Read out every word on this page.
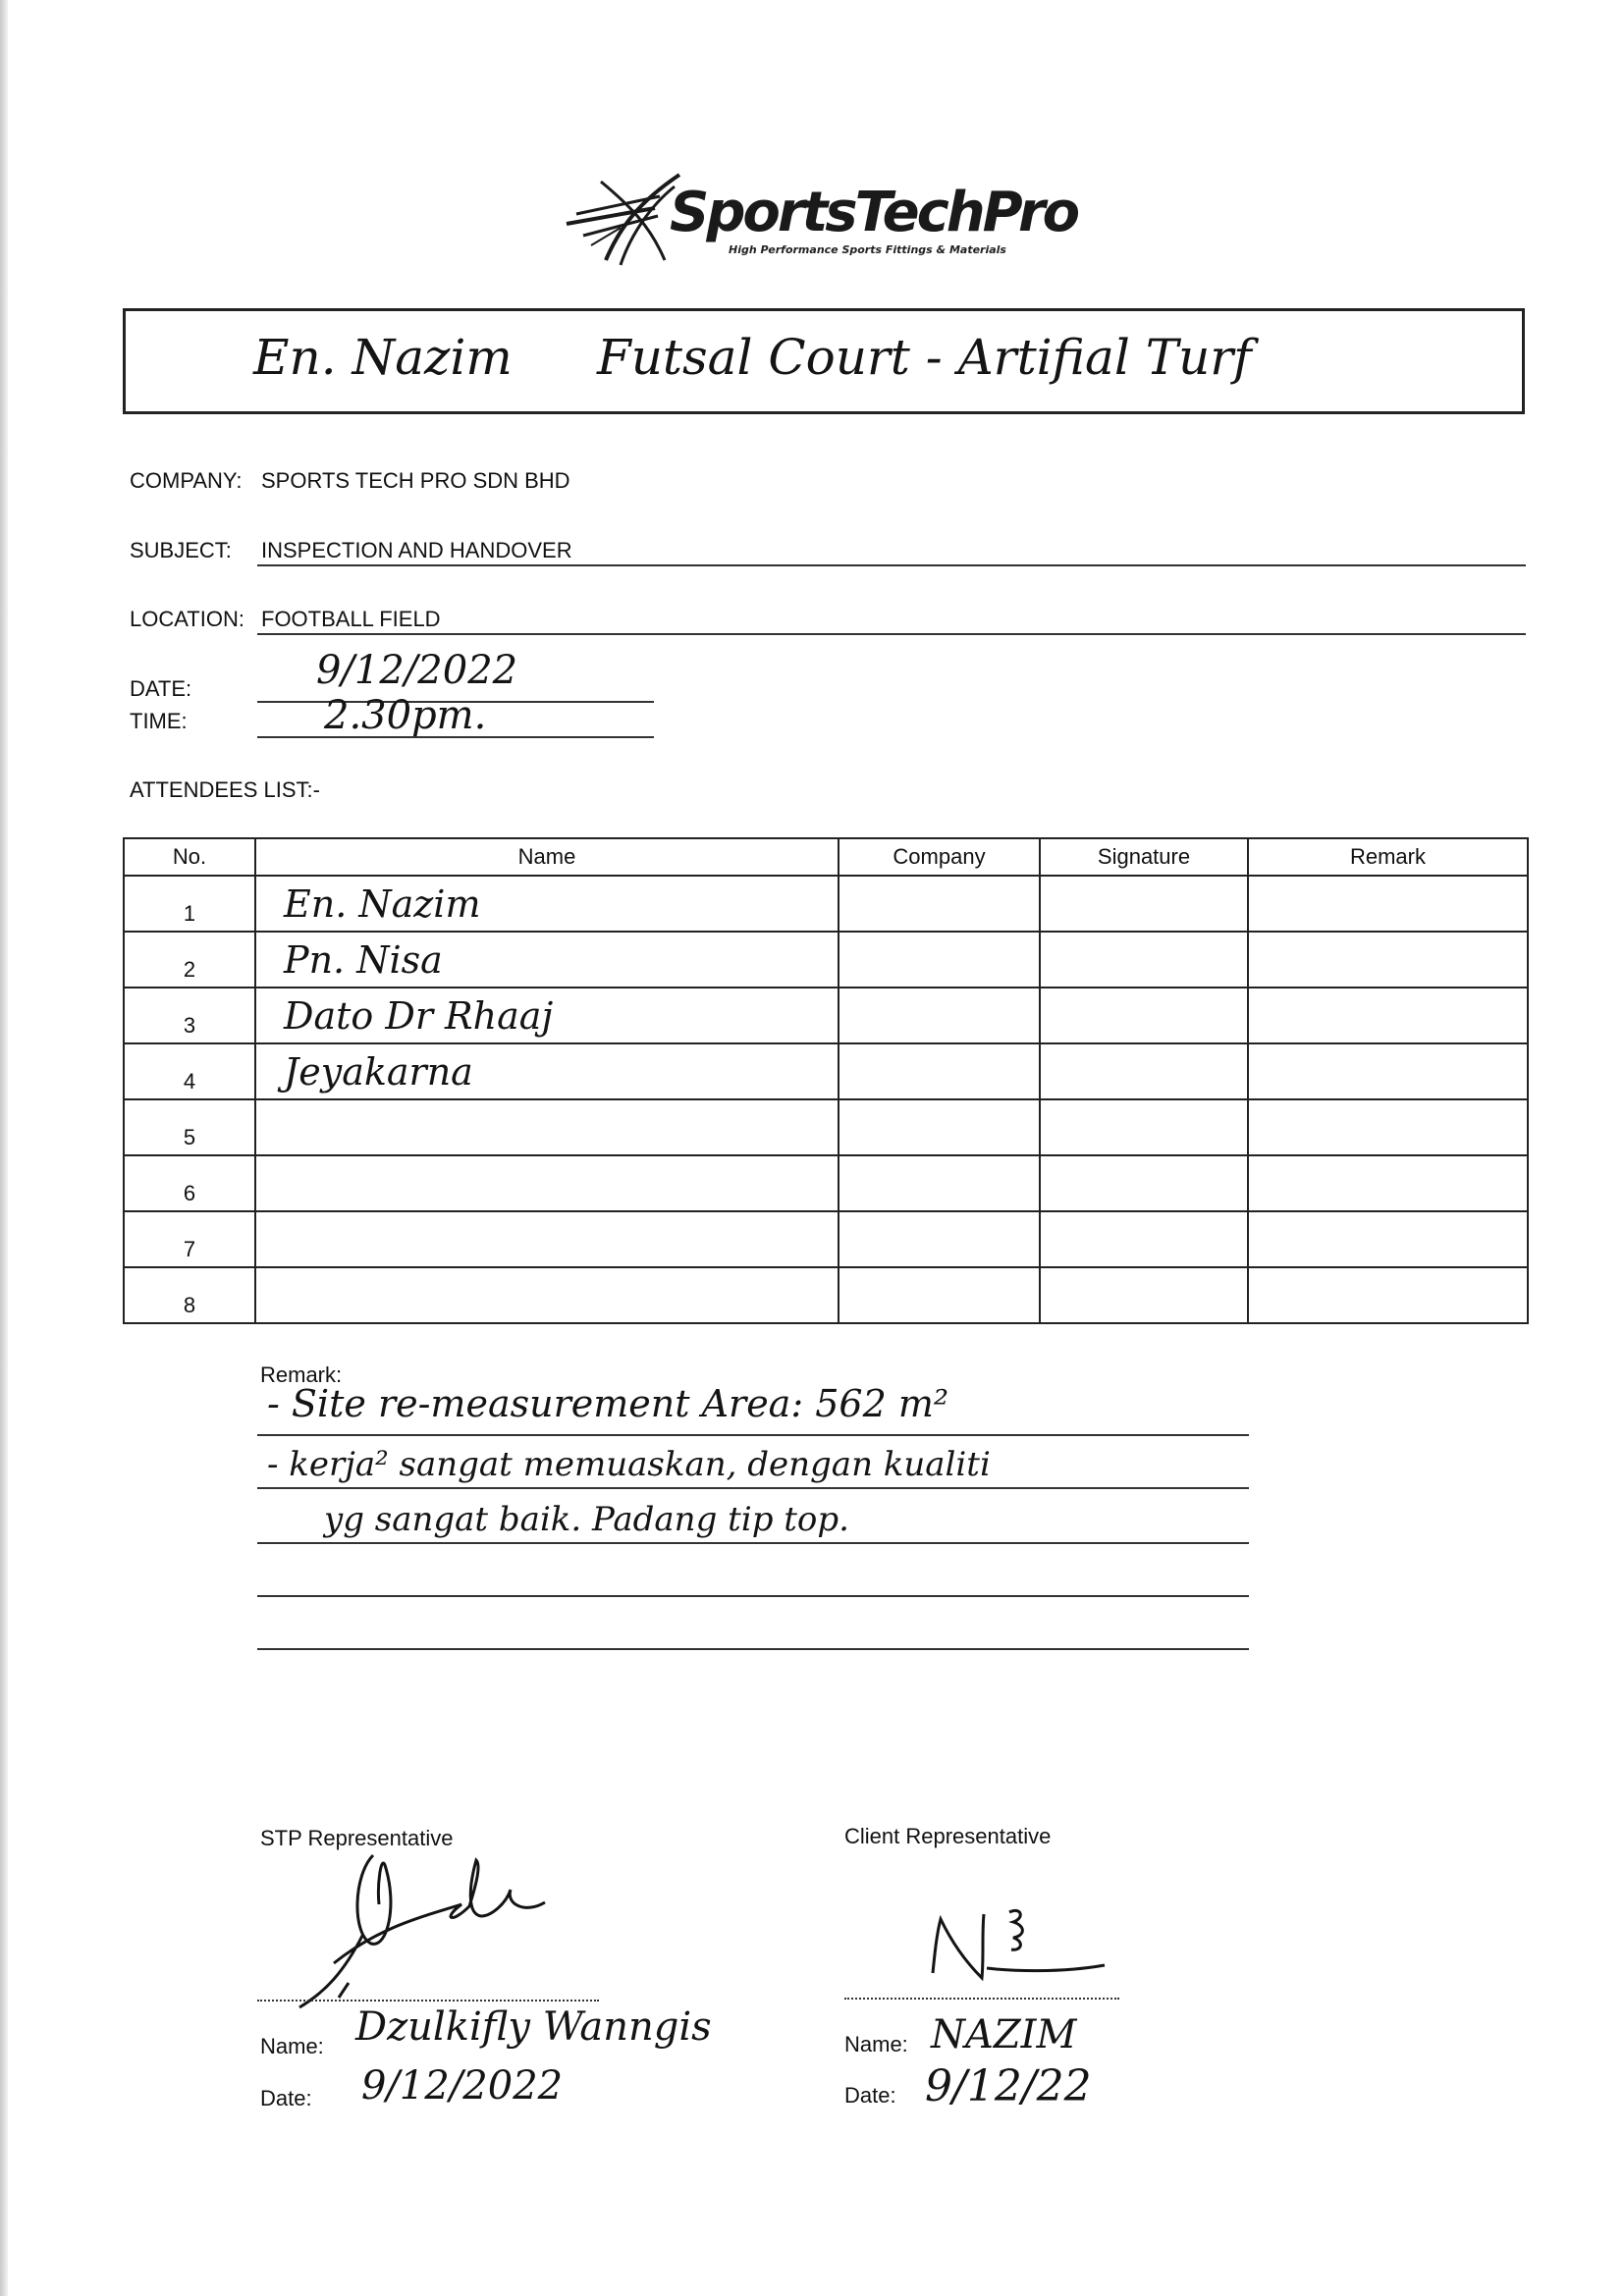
SportsTechPro
High Performance Sports Fittings & Materials
En. Nazim Futsal Court - Artifial Turf
COMPANY: SPORTS TECH PRO SDN BHD
SUBJECT: INSPECTION AND HANDOVER
LOCATION: FOOTBALL FIELD
DATE:	9/12/2022
TIME:	2.30pm.
ATTENDEES LIST:-
No.	Name	Company	Signature	Remark
1	En. Nazim			
2	Pn. Nisa			
3	Dato Dr Rhaaj			
4	Jeyakarna			
5				
6				
7				
8				
Remark:
- Site re-measurement Area: 562 m²
- kerja² sangat memuaskan, dengan kualiti
yg sangat baik. Padang tip top.
STP Representative
Name: Dzulkifly Wanngis
Date: 9/12/2022
Client Representative
Name: NAZIM
Date: 9/12/22
